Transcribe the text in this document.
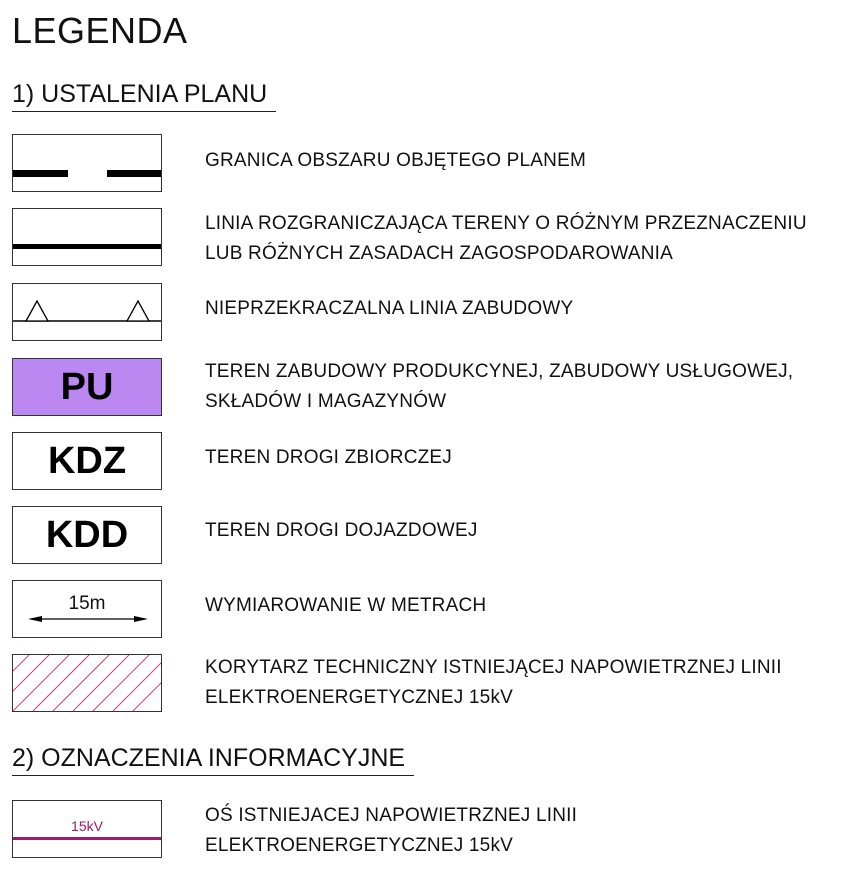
LEGENDA
1) USTALENIA PLANU
GRANICA OBSZARU OBJĘTEGO PLANEM
LINIA ROZGRANICZAJĄCA TERENY O RÓŻNYM PRZEZNACZENIU
LUB RÓŻNYCH ZASADACH ZAGOSPODAROWANIA
NIEPRZEKRACZALNA LINIA ZABUDOWY
PU	TEREN ZABUDOWY PRODUKCYNEJ, ZABUDOWY USŁUGOWEJ,
SKŁADÓW I MAGAZYNÓW
KDZ	TEREN DROGI ZBIORCZEJ
KDD	TEREN DROGI DOJAZDOWEJ
15m	WYMIAROWANIE W METRACH
KORYTARZ TECHNICZNY ISTNIEJĄCEJ NAPOWIETRZNEJ LINII
ELEKTROENERGETYCZNEJ 15kV
2) OZNACZENIA INFORMACYJNE
15kV	OŚ ISTNIEJACEJ NAPOWIETRZNEJ LINII
ELEKTROENERGETYCZNEJ 15kV
